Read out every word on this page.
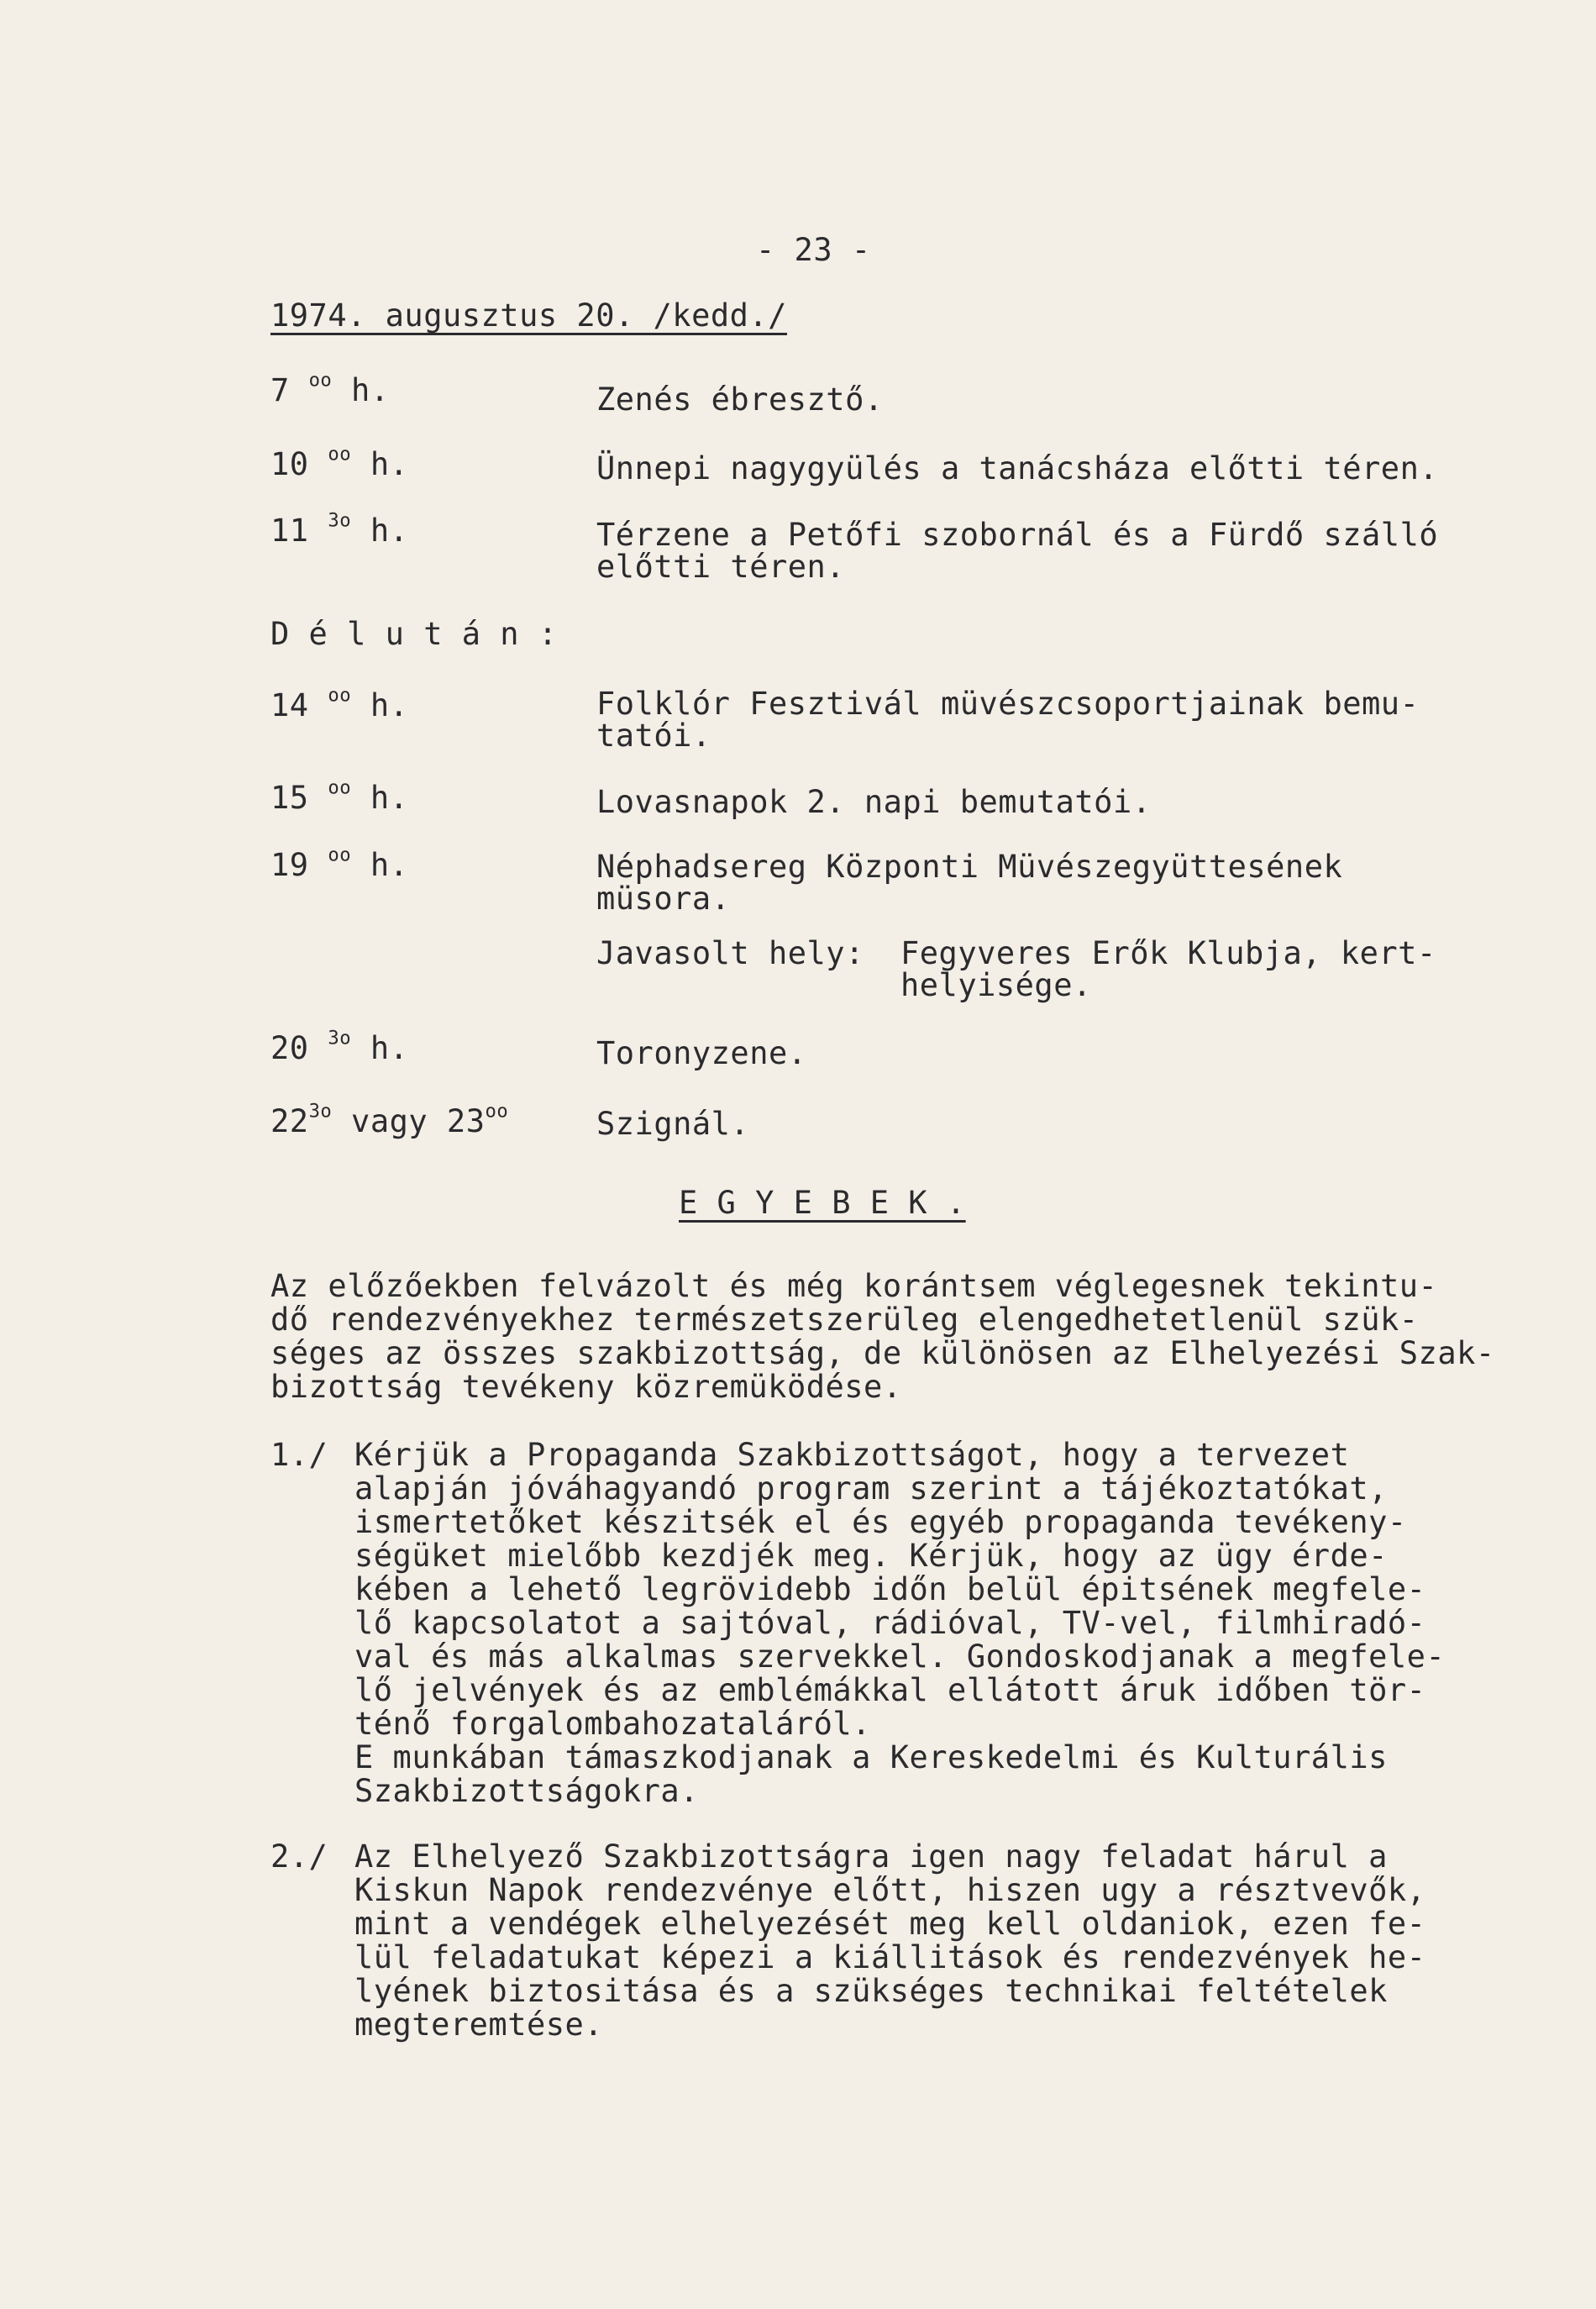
- 23 -
1974. augusztus 20. /kedd./
7 $^{oo}$ h.	Zenés ébresztő.
10 $^{oo}$ h.	Ünnepi nagygyülés a tanácsháza előtti téren.
11 $^{3o}$ h.	Térzene a Petőfi szobornál és a Fürdő szálló
előtti téren.
D é l u t á n :
14 $^{oo}$ h.	Folklór Fesztivál müvészcsoportjainak bemu-
tatói.
15 $^{oo}$ h.	Lovasnapok 2. napi bemutatói.
19 $^{oo}$ h.	Néphadsereg Központi Müvészegyüttesének
müsora.
Javasolt hely: Fegyveres Erők Klubja, kert-
helyisége.
20 $^{3o}$ h.	Toronyzene.
$22^{3o}$ vagy $23^{oo}$	Szignál.
E G Y E B E K .
Az előzőekben felvázolt és még korántsem véglegesnek tekintu-
dő rendezvényekhez természetszerüleg elengedhetetlenül szük-
séges az összes szakbizottság, de különösen az Elhelyezési Szak-
bizottság tevékeny közremüködése.
1./ Kérjük a Propaganda Szakbizottságot, hogy a tervezet
alapján jóváhagyandó program szerint a tájékoztatókat,
ismertetőket készitsék el és egyéb propaganda tevékeny-
ségüket mielőbb kezdjék meg. Kérjük, hogy az ügy érde-
kében a lehető legrövidebb időn belül épitsének megfele-
lő kapcsolatot a sajtóval, rádióval, TV-vel, filmhiradó-
val és más alkalmas szervekkel. Gondoskodjanak a megfele-
lő jelvények és az emblémákkal ellátott áruk időben tör-
ténő forgalombahozataláról.
E munkában támaszkodjanak a Kereskedelmi és Kulturális
Szakbizottságokra.
2./ Az Elhelyező Szakbizottságra igen nagy feladat hárul a
Kiskun Napok rendezvénye előtt, hiszen ugy a résztvevők,
mint a vendégek elhelyezését meg kell oldaniok, ezen fe-
lül feladatukat képezi a kiállitások és rendezvények he-
lyének biztositása és a szükséges technikai feltételek
megteremtése.
